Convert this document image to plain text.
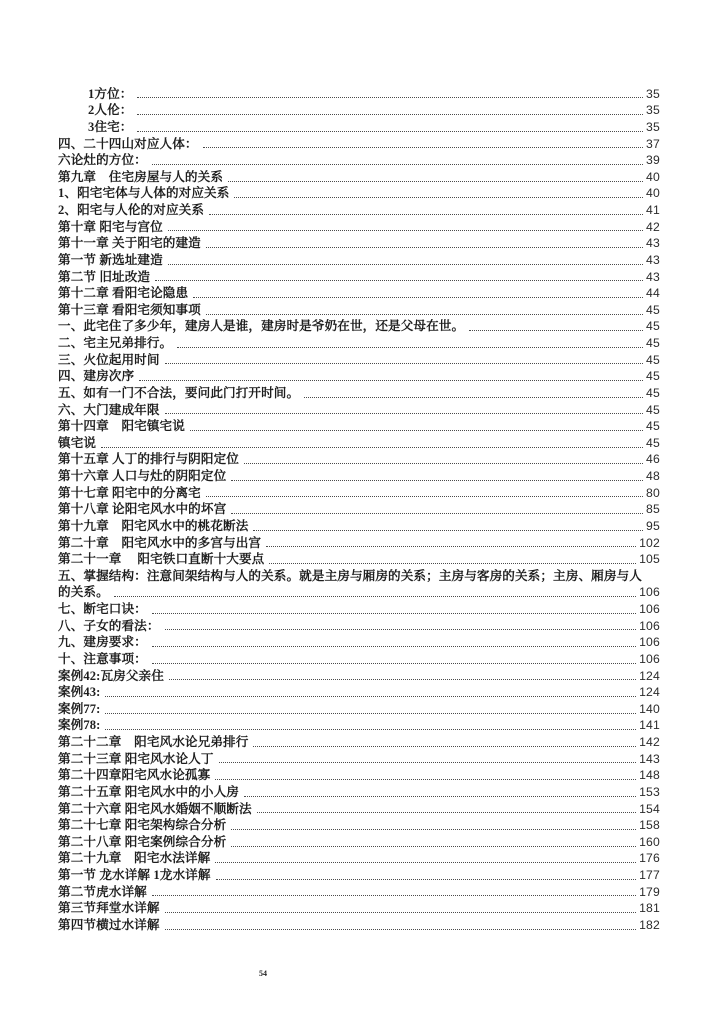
1方位：	35
2人伦：	35
3住宅：	35
四、二十四山对应人体：	37
六论灶的方位：	39
第九章　住宅房屋与人的关系	40
1、阳宅宅体与人体的对应关系	40
2、阳宅与人伦的对应关系	41
第十章 阳宅与宫位	42
第十一章 关于阳宅的建造	43
第一节 新选址建造	43
第二节 旧址改造	43
第十二章 看阳宅论隐患	44
第十三章 看阳宅须知事项	45
一、此宅住了多少年，建房人是谁，建房时是爷奶在世，还是父母在世。	45
二、宅主兄弟排行。	45
三、火位起用时间	45
四、建房次序	45
五、如有一门不合法，要问此门打开时间。	45
六、大门建成年限	45
第十四章　阳宅镇宅说	45
镇宅说	45
第十五章 人丁的排行与阴阳定位	46
第十六章 人口与灶的阴阳定位	48
第十七章 阳宅中的分离宅	80
第十八章 论阳宅风水中的坏宫	85
第十九章　阳宅风水中的桃花断法	95
第二十章　阳宅风水中的多宫与出宫	102
第二十一章　 阳宅铁口直断十大要点	105
五、掌握结构：注意间架结构与人的关系。就是主房与厢房的关系；主房与客房的关系；主房、厢房与人
的关系。	106
七、断宅口诀：	106
八、子女的看法：	106
九、建房要求：	106
十、注意事项：	106
案例42:瓦房父亲住	124
案例43:	124
案例77:	140
案例78:	141
第二十二章　阳宅风水论兄弟排行	142
第二十三章 阳宅风水论人丁	143
第二十四章阳宅风水论孤寡	148
第二十五章 阳宅风水中的小人房	153
第二十六章 阳宅风水婚姻不顺断法	154
第二十七章 阳宅架构综合分析	158
第二十八章 阳宅案例综合分析	160
第二十九章　阳宅水法详解	176
第一节 龙水详解 1龙水详解	177
第二节虎水详解	179
第三节拜堂水详解	181
第四节横过水详解	182
54
